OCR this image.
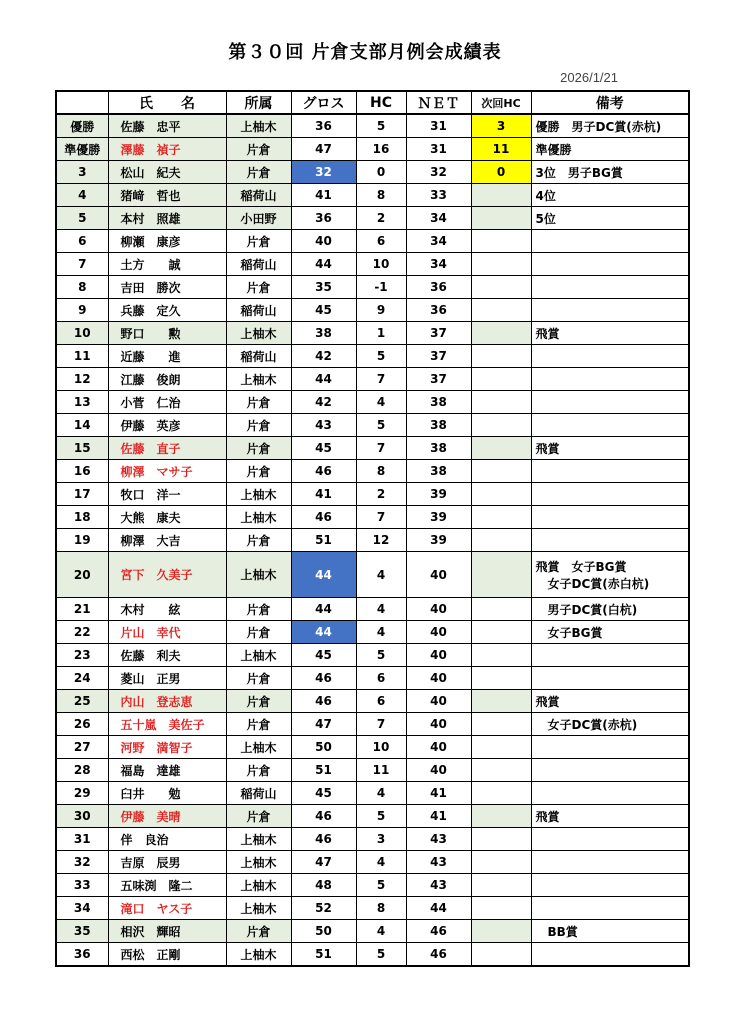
第３０回 片倉支部月例会成績表
2026/1/21
	氏　　名	所属	グロス	HC	ＮＥＴ	次回HC	備考
優勝	佐藤　忠平	上柚木	36	5	31	3	優勝　男子DC賞(赤杭)
準優勝	澤藤　禎子	片倉	47	16	31	11	準優勝
3	松山　紀夫	片倉	32	0	32	0	3位　男子BG賞
4	猪﨑　哲也	稲荷山	41	8	33		4位
5	本村　照雄	小田野	36	2	34		5位
6	柳瀬　康彦	片倉	40	6	34		
7	土方　　誠	稲荷山	44	10	34		
8	吉田　勝次	片倉	35	-1	36		
9	兵藤　定久	稲荷山	45	9	36		
10	野口　　勲	上柚木	38	1	37		飛賞
11	近藤　　進	稲荷山	42	5	37		
12	江藤　俊朗	上柚木	44	7	37		
13	小菅　仁治	片倉	42	4	38		
14	伊藤　英彦	片倉	43	5	38		
15	佐藤　直子	片倉	45	7	38		飛賞
16	柳澤　マサ子	片倉	46	8	38		
17	牧口　洋一	上柚木	41	2	39		
18	大熊　康夫	上柚木	46	7	39		
19	柳澤　大吉	片倉	51	12	39		
20	宮下　久美子	上柚木	44	4	40		飛賞　女子BG賞
　女子DC賞(赤白杭)

21	木村　　絃	片倉	44	4	40		　男子DC賞(白杭)
22	片山　幸代	片倉	44	4	40		　女子BG賞
23	佐藤　利夫	上柚木	45	5	40		
24	菱山　正男	片倉	46	6	40		
25	内山　登志恵	片倉	46	6	40		飛賞
26	五十嵐　美佐子	片倉	47	7	40		　女子DC賞(赤杭)
27	河野　満智子	上柚木	50	10	40		
28	福島　達雄	片倉	51	11	40		
29	臼井　　勉	稲荷山	45	4	41		
30	伊藤　美晴	片倉	46	5	41		飛賞
31	伴　良治	上柚木	46	3	43		
32	吉原　辰男	上柚木	47	4	43		
33	五味渕　隆二	上柚木	48	5	43		
34	滝口　ヤス子	上柚木	52	8	44		
35	相沢　輝昭	片倉	50	4	46		　BB賞
36	西松　正剛	上柚木	51	5	46		
